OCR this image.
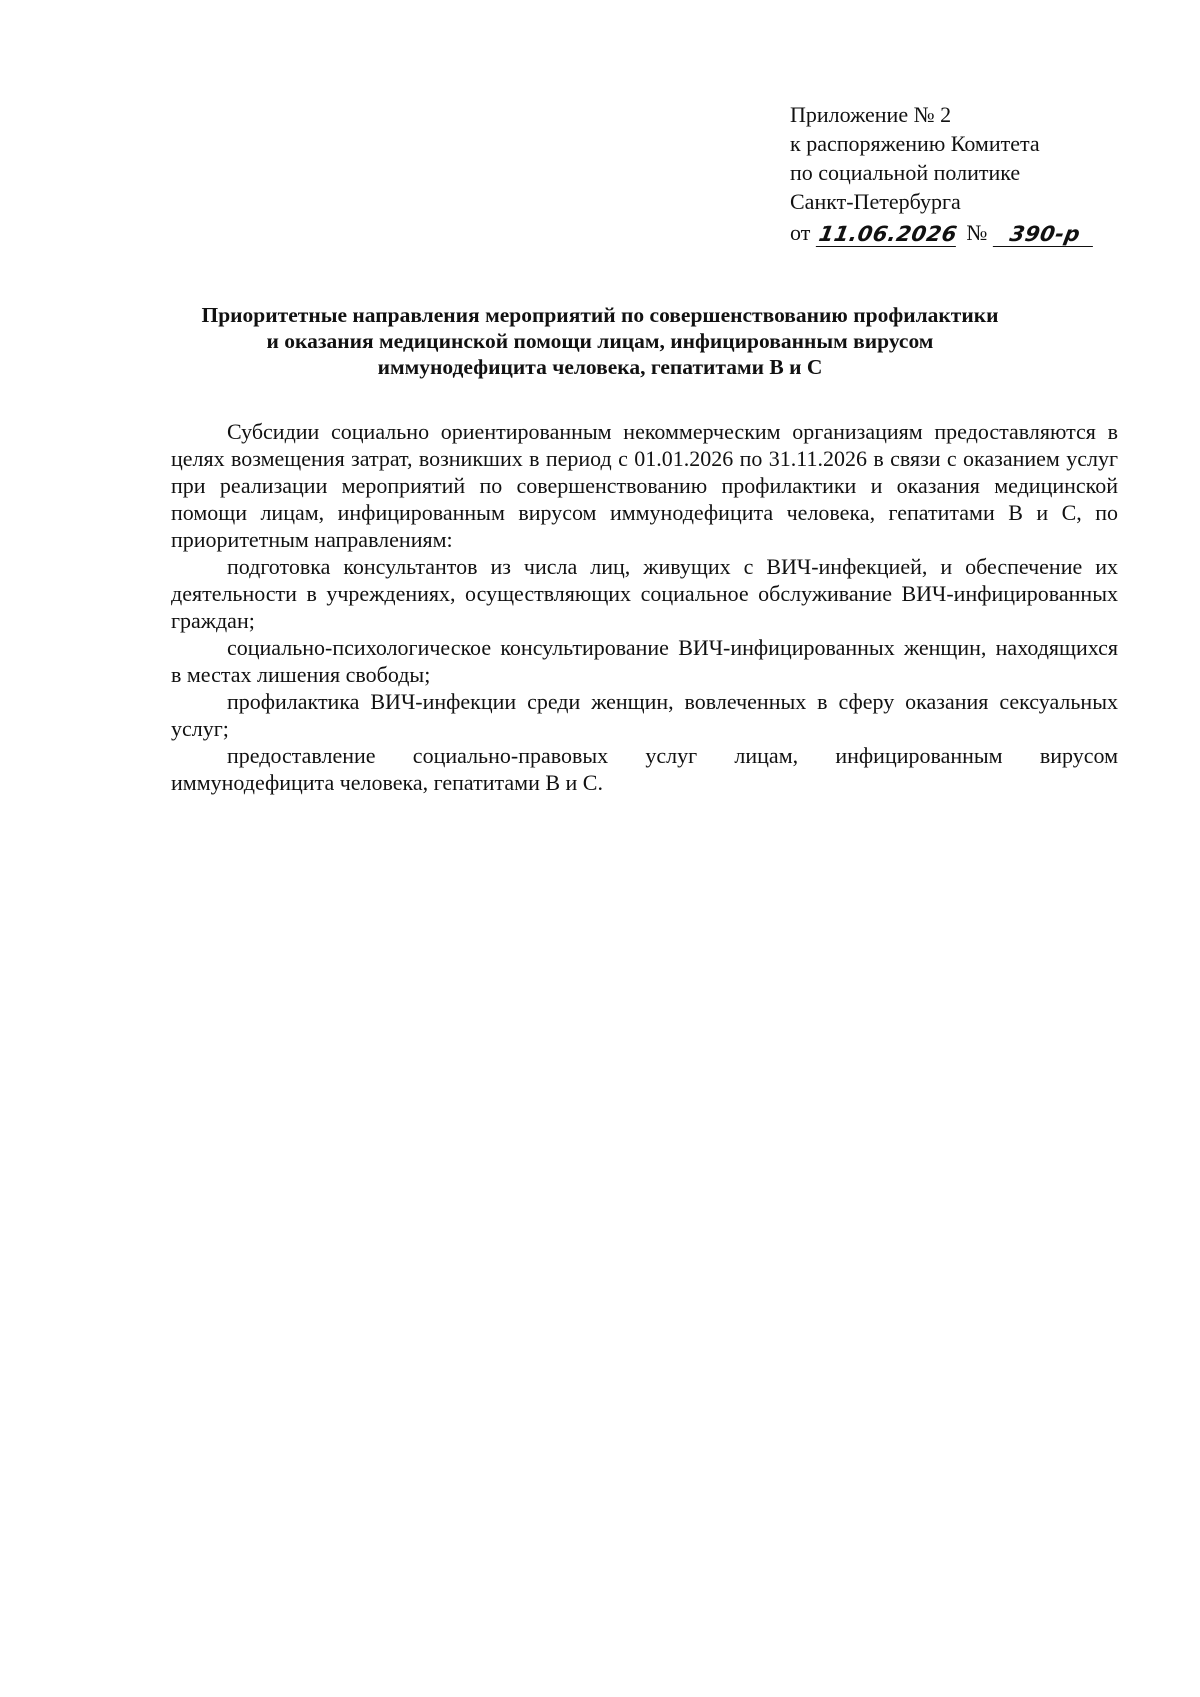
Приложение № 2
к распоряжению Комитета
по социальной политике
Санкт-Петербурга
от 11.06.2026 № 390-р
Приоритетные направления мероприятий по совершенствованию профилактики
и оказания медицинской помощи лицам, инфицированным вирусом
иммунодефицита человека, гепатитами В и С

Субсидии социально ориентированным некоммерческим организациям предоставляются в целях возмещения затрат, возникших в период с 01.01.2026 по 31.11.2026 в связи с оказанием услуг при реализации мероприятий по совершенствованию профилактики и оказания медицинской помощи лицам, инфицированным вирусом иммунодефицита человека, гепатитами В и С, по приоритетным направлениям:

подготовка консультантов из числа лиц, живущих с ВИЧ-инфекцией, и обеспечение их деятельности в учреждениях, осуществляющих социальное обслуживание ВИЧ-инфицированных граждан;

социально-психологическое консультирование ВИЧ-инфицированных женщин, находящихся в местах лишения свободы;

профилактика ВИЧ-инфекции среди женщин, вовлеченных в сферу оказания сексуальных услуг;

предоставление социально-правовых услуг лицам, инфицированным вирусом иммунодефицита человека, гепатитами В и С.
